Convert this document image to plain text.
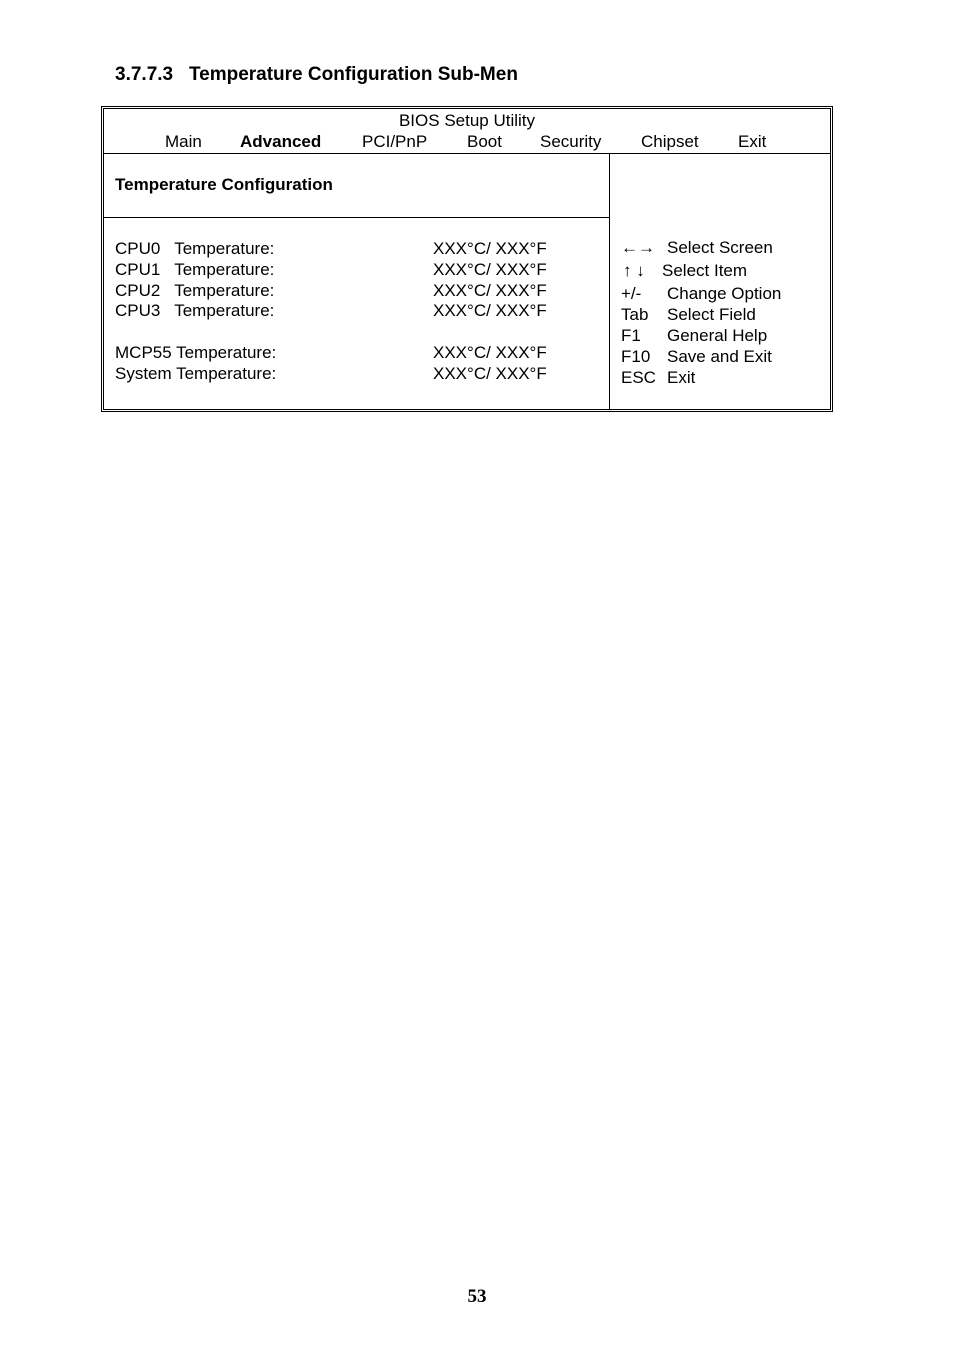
3.7.7.3   Temperature Configuration Sub-Men
BIOS Setup Utility
Main Advanced PCI/PnP Boot Security Chipset Exit
Temperature Configuration
CPU0   Temperature:	XXX°C/ XXX°F
CPU1   Temperature:	XXX°C/ XXX°F
CPU2   Temperature:	XXX°C/ XXX°F
CPU3   Temperature:	XXX°C/ XXX°F
MCP55 Temperature:	XXX°C/ XXX°F
System Temperature:	XXX°C/ XXX°F
←→ Select Screen
↑ ↓ Select Item
+/- Change Option
Tab Select Field
F1 General Help
F10 Save and Exit
ESC Exit
53
